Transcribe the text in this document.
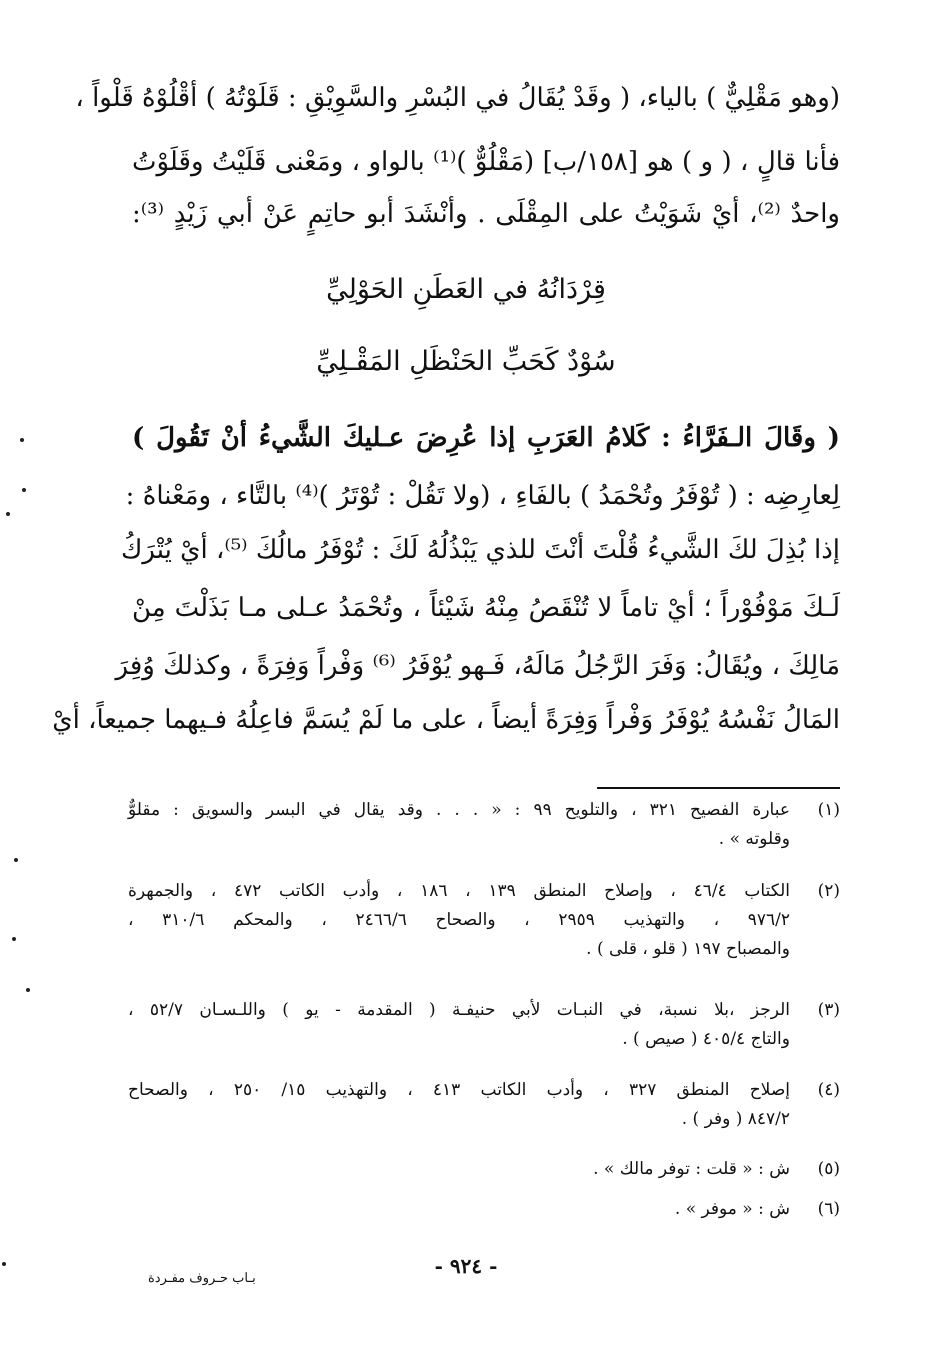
(وهو مَقْلِيٌّ ) بالياء، ( وقَدْ يُقَالُ في البُسْرِ والسَّوِيْقِ : قَلَوْتُهُ ) أقْلُوْهُ قَلْواً ،
فأنا قالٍ ، ( و ) هو [١٥٨/ب] (مَقْلُوٌّ )⁽¹⁾ بالواو ، ومَعْنى قَلَيْتُ وقَلَوْتُ
واحدٌ ⁽²⁾، أيْ شَوَيْتُ على المِقْلَى . وأنْشَدَ أبو حاتِمٍ عَنْ أبي زَيْدٍ ⁽³⁾:
قِرْدَانُهُ في العَطَنِ الحَوْلِيِّ
سُوْدٌ كَحَبِّ الحَنْظَلِ المَقْـلِيِّ
( وقَالَ الـفَرَّاءُ : كَلامُ العَرَبِ إذا عُرِضَ عـليكَ الشَّيءُ أنْ تَقُولَ )
لِعارِضِه : ( تُوْفَرُ وتُحْمَدُ ) بالفَاءِ ، (ولا تَقُلْ : تُوْتَرُ )⁽⁴⁾ بالتَّاء ، ومَعْناهُ :
إذا بُذِلَ لكَ الشَّيءُ قُلْتَ أنْتَ للذي يَبْذُلُهُ لَكَ : تُوْفَرُ مالُكَ ⁽⁵⁾، أيْ يُتْرَكُ
لَـكَ مَوْفُوْراً ؛ أيْ تاماً لا تُنْقَصُ مِنْهُ شَيْئاً ، وتُحْمَدُ عـلى مـا بَذَلْتَ مِنْ
مَالِكَ ، ويُقَالُ: وَفَرَ الرَّجُلُ مَالَهُ، فَـهو يُوْفَرُ ⁽⁶⁾ وَفْراً وَفِرَةً ، وكذلكَ وُفِرَ
المَالُ نَفْسُهُ يُوْفَرُ وَفْراً وَفِرَةً أيضاً ، على ما لَمْ يُسَمَّ فاعِلُهُ فـيهما جميعاً، أيْ
(١)
عبارة الفصيح ٣٢١ ، والتلويح ٩٩ : « . . . وقد يقال في البسر والسويق : مقلوٌّ
وقلوته » .
(٢)
الكتاب ٤٦/٤ ، وإصلاح المنطق ١٣٩ ، ١٨٦ ، وأدب الكاتب ٤٧٢ ، والجمهرة
٩٧٦/٢ ، والتهذيب ٢٩٥٩ ، والصحاح ٢٤٦٦/٦ ، والمحكم ٣١٠/٦ ،
والمصباح ١٩٧ ( قلو ، قلى ) .
(٣)
الرجز ،بلا نسبة، في النبـات لأبي حنيفـة ( المقدمة - يو ) واللـسـان ٥٢/٧ ،
والتاج ٤٠٥/٤ ( صيص ) .
(٤)
إصلاح المنطق ٣٢٧ ، وأدب الكاتب ٤١٣ ، والتهذيب ١٥/ ٢٥٠ ، والصحاح
٨٤٧/٢ ( وفر ) .
(٥)
ش : « قلت : توفر مالك » .
(٦)
ش : « موفر » .
- ٩٢٤ -
بـاب حـروف مفـردة
